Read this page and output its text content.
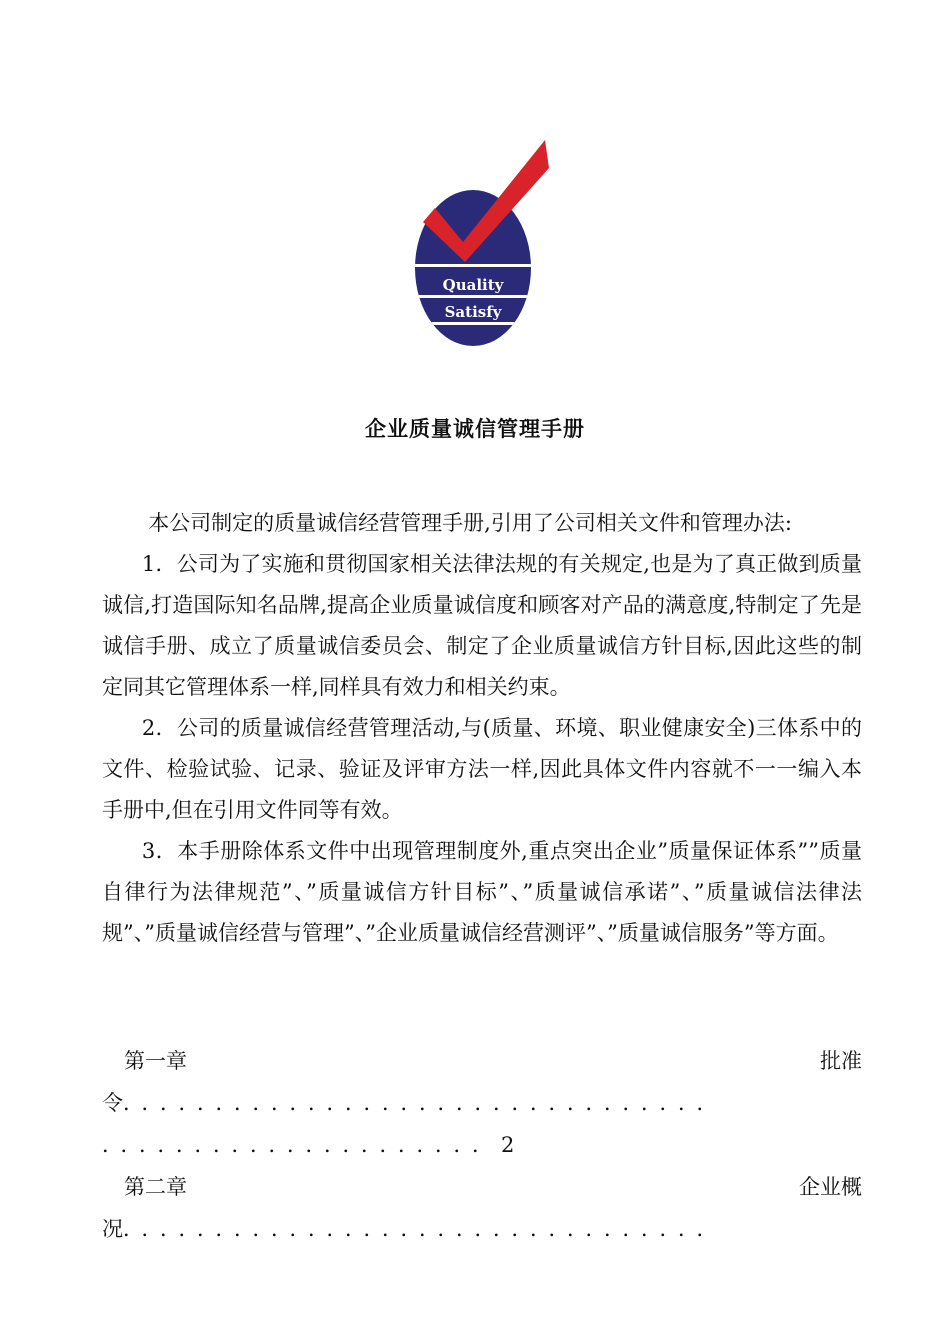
Quality
Satisfy
企业质量诚信管理手册

本公司制定的质量诚信经营管理手册,引用了公司相关文件和管理办法:

1．公司为了实施和贯彻国家相关法律法规的有关规定,也是为了真正做到质量诚信,打造国际知名品牌,提高企业质量诚信度和顾客对产品的满意度,特制定了先是诚信手册、成立了质量诚信委员会、制定了企业质量诚信方针目标,因此这些的制定同其它管理体系一样,同样具有效力和相关约束。

2．公司的质量诚信经营管理活动,与(质量、环境、职业健康安全)三体系中的文件、检验试验、记录、验证及评审方法一样,因此具体文件内容就不一一编入本手册中,但在引用文件同等有效。

3．本手册除体系文件中出现管理制度外,重点突出企业”质量保证体系””质量自律行为法律规范”、”质量诚信方针目标”、”质量诚信承诺”、”质量诚信法律法规”、”质量诚信经营与管理”、”企业质量诚信经营测评”、”质量诚信服务”等方面。

第 一 章	批 准
令．．．．．．．．．．．．．．．．．．．．．．．．．．．．．．．．
．．．．．．．．．．．．．．．．．．．．．2
第 二 章	企 业 概
况．．．．．．．．．．．．．．．．．．．．．．．．．．．．．．．．
